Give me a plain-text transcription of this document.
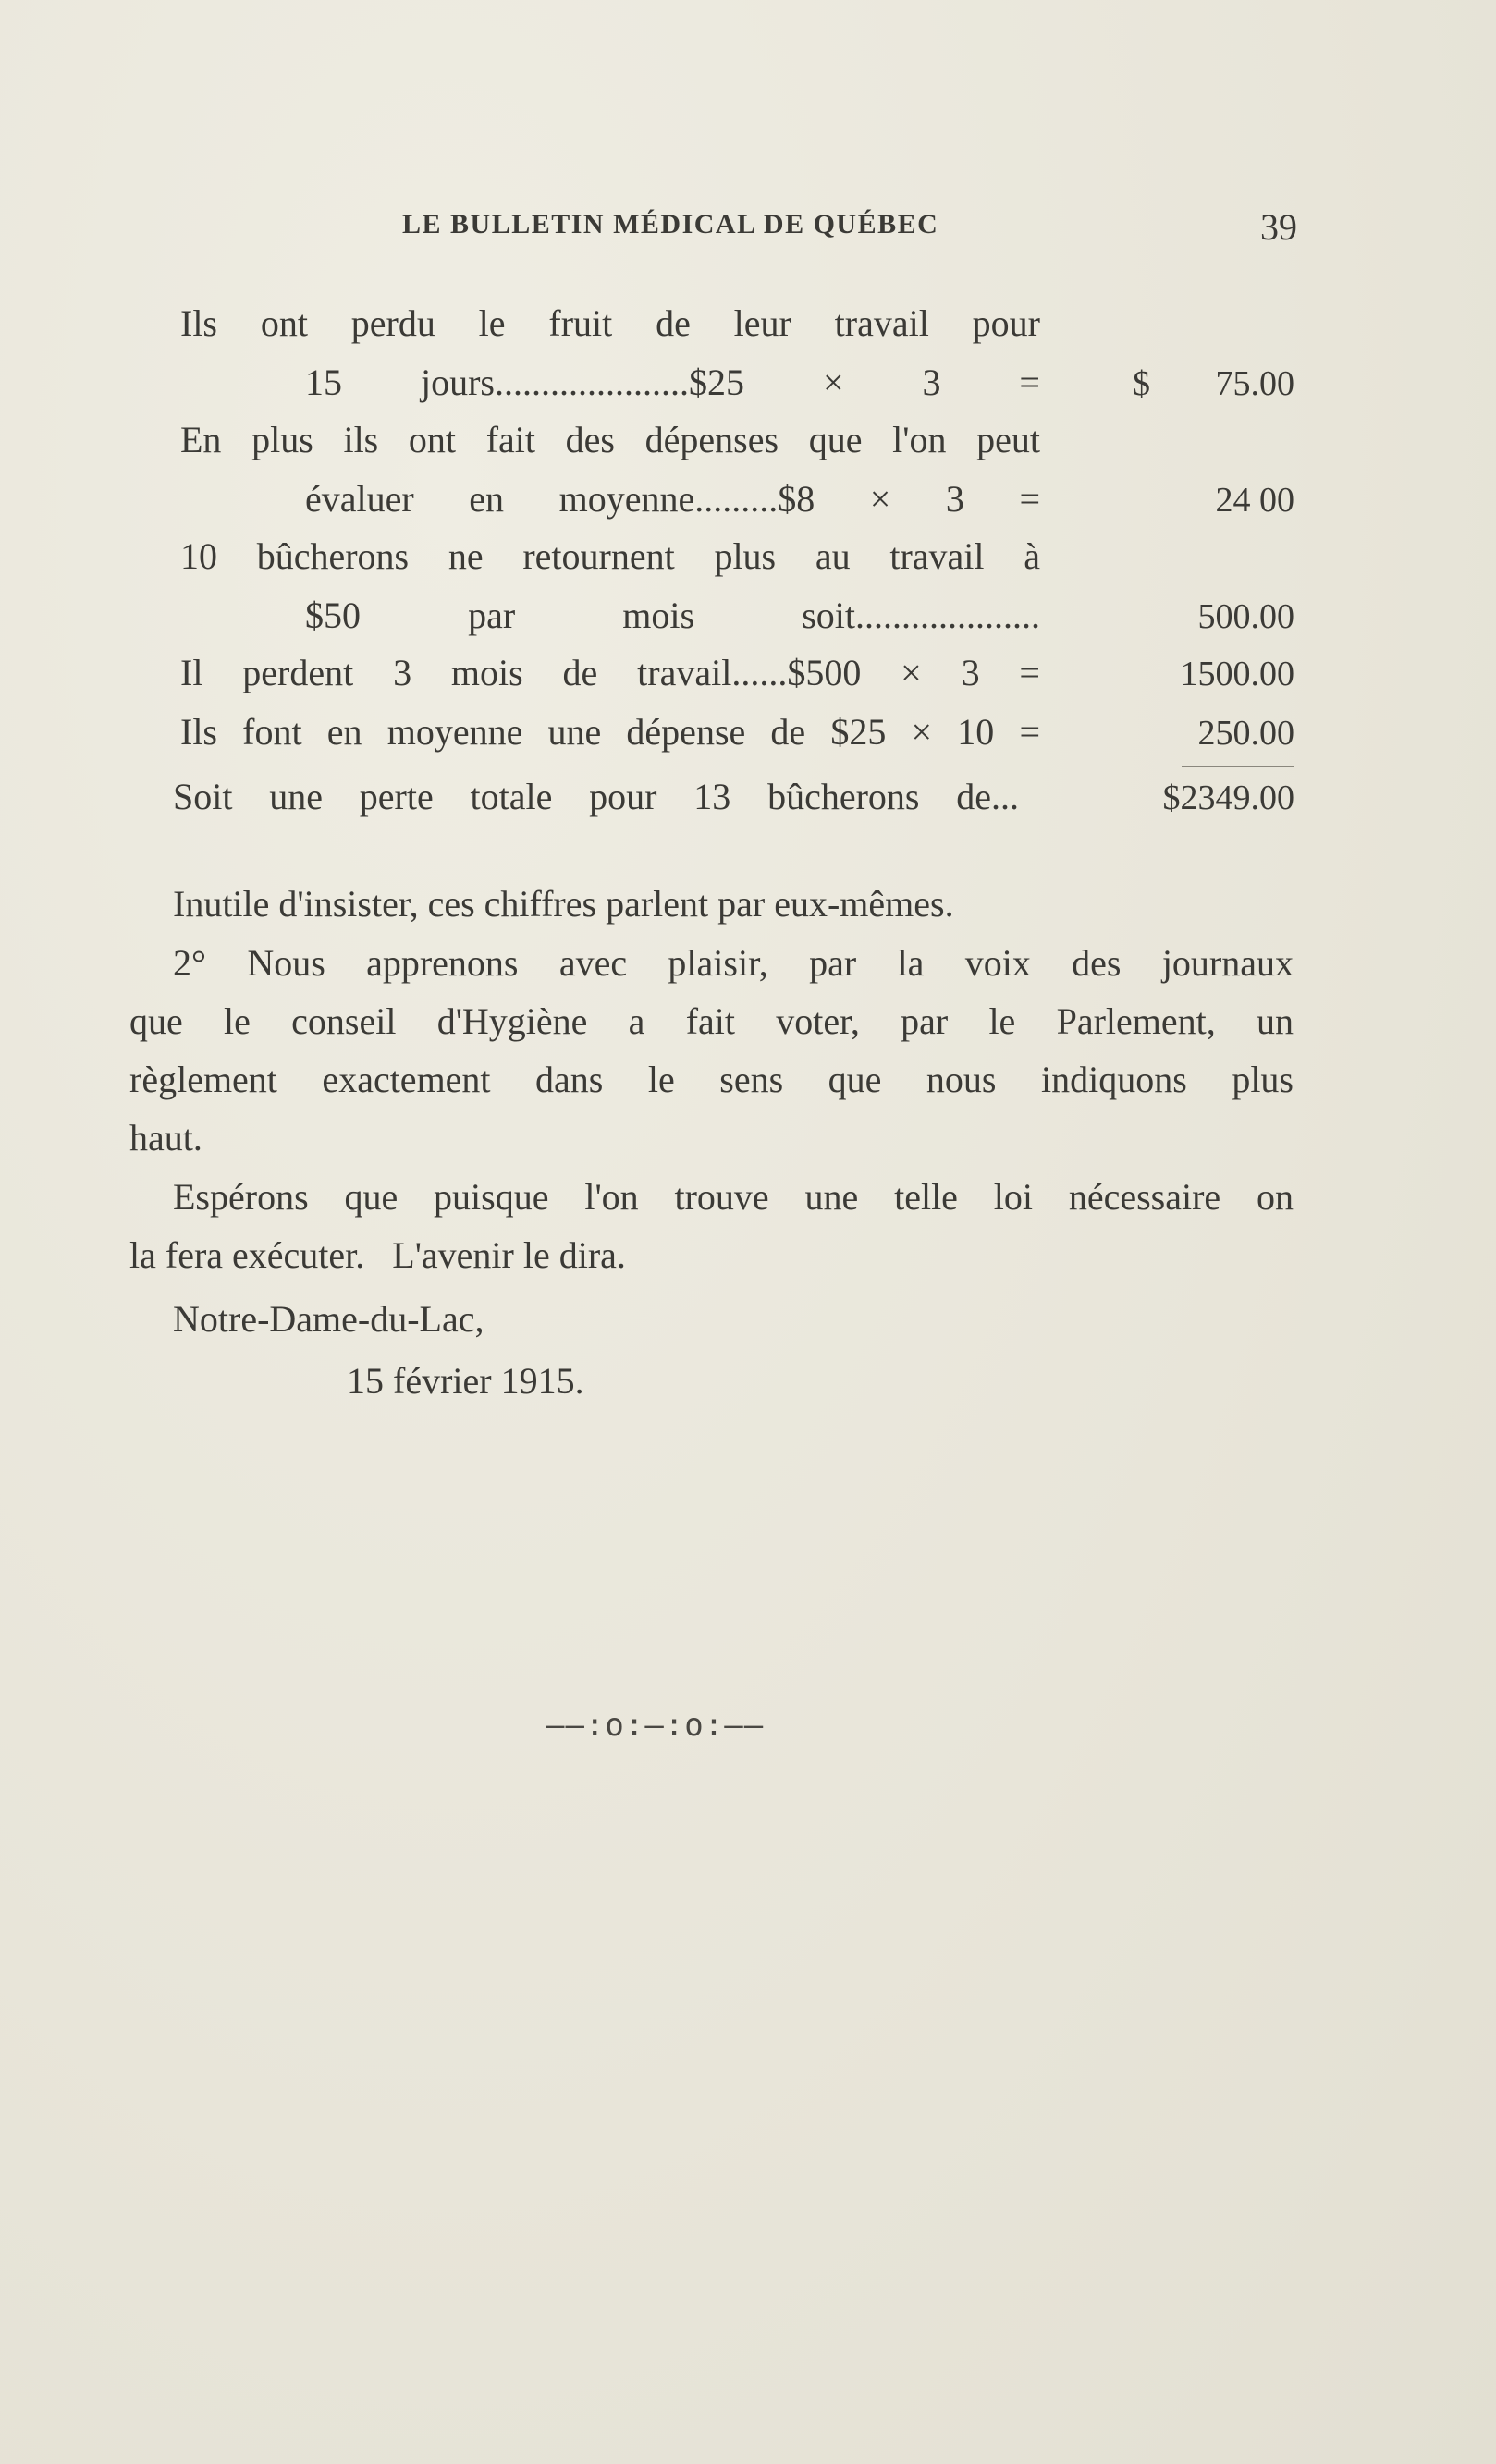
LE BULLETIN MÉDICAL DE QUÉBEC	39
Ils ont perdu le fruit de leur travail pour
15 jours.....................$25 × 3 =	$ 75.00
En plus ils ont fait des dépenses que l'on peut
évaluer en moyenne.........$8 × 3 =	24 00
10 bûcherons ne retournent plus au travail à
$50 par mois soit....................	500.00
Il perdent 3 mois de travail......$500 × 3 =	1500.00
Ils font en moyenne une dépense de $25 × 10 =	250.00
Soit une perte totale pour 13 bûcherons de...	$2349.00
Inutile d'insister, ces chiffres parlent par eux-mêmes.
2° Nous apprenons avec plaisir, par la voix des journaux
que le conseil d'Hygiène a fait voter, par le Parlement, un
règlement exactement dans le sens que nous indiquons plus
haut.
Espérons que puisque l'on trouve une telle loi nécessaire on
la fera exécuter.   L'avenir le dira.
Notre-Dame-du-Lac,
15 février 1915.
——:o:—:o:——
